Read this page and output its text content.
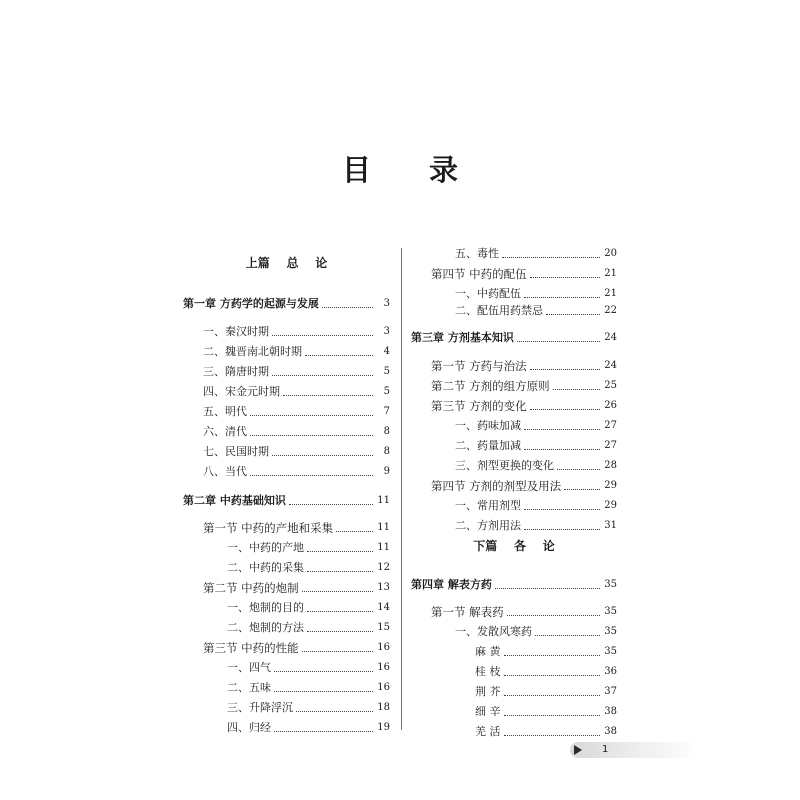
目 录
上篇    总    论
第一章 方药学的起源与发展	3
一、秦汉时期	3
二、魏晋南北朝时期	4
三、隋唐时期	5
四、宋金元时期	5
五、明代	7
六、清代	8
七、民国时期	8
八、当代	9
第二章 中药基础知识	11
第一节 中药的产地和采集	11
一、中药的产地	11
二、中药的采集	12
第二节 中药的炮制	13
一、炮制的目的	14
二、炮制的方法	15
第三节 中药的性能	16
一、四气	16
二、五味	16
三、升降浮沉	18
四、归经	19
五、毒性	20
第四节 中药的配伍	21
一、中药配伍	21
二、配伍用药禁忌	22
第三章 方剂基本知识	24
第一节 方药与治法	24
第二节 方剂的组方原则	25
第三节 方剂的变化	26
一、药味加减	27
二、药量加减	27
三、剂型更换的变化	28
第四节 方剂的剂型及用法	29
一、常用剂型	29
二、方剂用法	31
下篇    各    论
第四章 解表方药	35
第一节 解表药	35
一、发散风寒药	35
麻 黄	35
桂 枝	36
荆 芥	37
细 辛	38
羌 活	38
1
